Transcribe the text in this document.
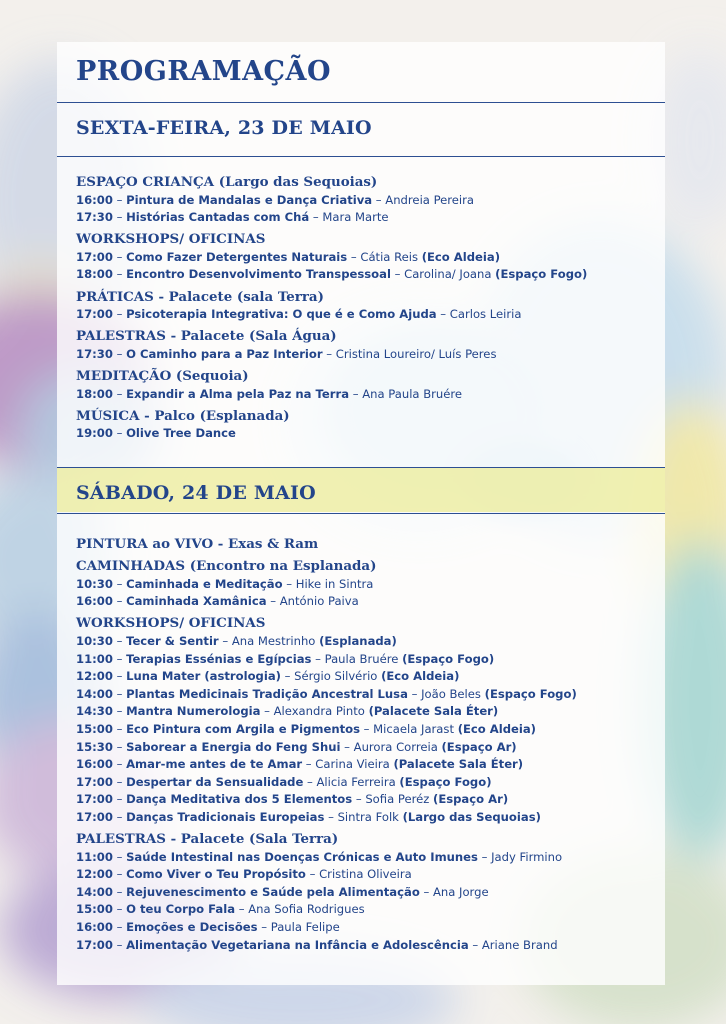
PROGRAMAÇÃO
SEXTA-FEIRA, 23 DE MAIO
ESPAÇO CRIANÇA (Largo das Sequoias)
16:00 – Pintura de Mandalas e Dança Criativa – Andreia Pereira
17:30 – Histórias Cantadas com Chá – Mara Marte
WORKSHOPS/ OFICINAS
17:00 – Como Fazer Detergentes Naturais – Cátia Reis (Eco Aldeia)
18:00 – Encontro Desenvolvimento Transpessoal – Carolina/ Joana (Espaço Fogo)
PRÁTICAS - Palacete (sala Terra)
17:00 – Psicoterapia Integrativa: O que é e Como Ajuda – Carlos Leiria
PALESTRAS - Palacete (Sala Água)
17:30 – O Caminho para a Paz Interior – Cristina Loureiro/ Luís Peres
MEDITAÇÃO (Sequoia)
18:00 – Expandir a Alma pela Paz na Terra – Ana Paula Bruére
MÚSICA - Palco (Esplanada)
19:00 – Olive Tree Dance
SÁBADO, 24 DE MAIO
PINTURA ao VIVO - Exas & Ram
CAMINHADAS (Encontro na Esplanada)
10:30 – Caminhada e Meditação – Hike in Sintra
16:00 – Caminhada Xamânica – António Paiva
WORKSHOPS/ OFICINAS
10:30 – Tecer & Sentir – Ana Mestrinho (Esplanada)
11:00 – Terapias Essénias e Egípcias – Paula Bruére (Espaço Fogo)
12:00 – Luna Mater (astrologia) – Sérgio Silvério (Eco Aldeia)
14:00 – Plantas Medicinais Tradição Ancestral Lusa – João Beles (Espaço Fogo)
14:30 – Mantra Numerologia – Alexandra Pinto (Palacete Sala Éter)
15:00 – Eco Pintura com Argila e Pigmentos – Micaela Jarast (Eco Aldeia)
15:30 – Saborear a Energia do Feng Shui – Aurora Correia (Espaço Ar)
16:00 – Amar-me antes de te Amar – Carina Vieira (Palacete Sala Éter)
17:00 – Despertar da Sensualidade – Alicia Ferreira (Espaço Fogo)
17:00 – Dança Meditativa dos 5 Elementos – Sofia Peréz (Espaço Ar)
17:00 – Danças Tradicionais Europeias – Sintra Folk (Largo das Sequoias)
PALESTRAS - Palacete (Sala Terra)
11:00 – Saúde Intestinal nas Doenças Crónicas e Auto Imunes – Jady Firmino
12:00 – Como Viver o Teu Propósito – Cristina Oliveira
14:00 – Rejuvenescimento e Saúde pela Alimentação – Ana Jorge
15:00 – O teu Corpo Fala – Ana Sofia Rodrigues
16:00 – Emoções e Decisões – Paula Felipe
17:00 – Alimentação Vegetariana na Infância e Adolescência – Ariane Brand
